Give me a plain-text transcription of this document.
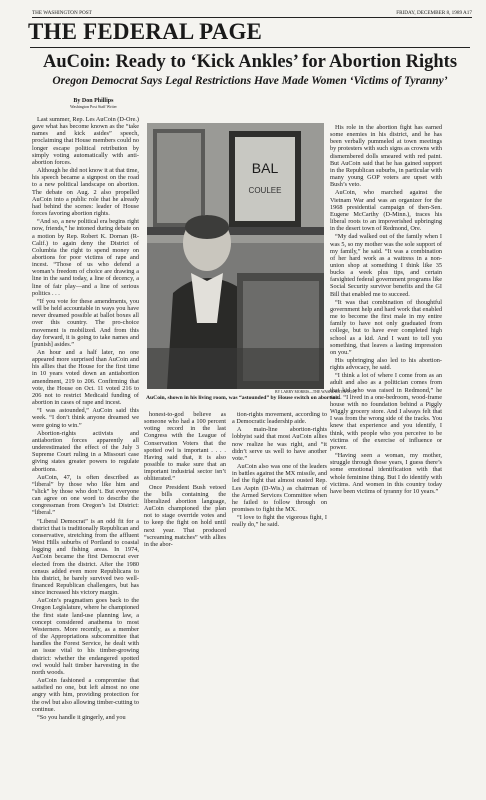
THE WASHINGTON POST	FRIDAY, DECEMBER 8, 1989 A17
THE FEDERAL PAGE
AuCoin: Ready to ‘Kick Ankles’ for Abortion Rights
Oregon Democrat Says Legal Restrictions Have Made Women ‘Victims of Tyranny’
By Don Phillips
Washington Post Staff Writer

Last summer, Rep. Les AuCoin (D-Ore.) gave what has become known as the “take names and kick asides” speech, proclaiming that House members could no longer escape political retribution by simply voting automatically with anti-abortion forces.

Although he did not know it at that time, his speech became a signpost on the road to a new political landscape on abortion. The debate on Aug. 2 also propelled AuCoin into a public role that he already had behind the scenes: leader of House forces favoring abortion rights.

“And so, a new political era begins right now, friends,” he intoned during debate on a motion by Rep. Robert K. Dornan (R-Calif.) to again deny the District of Columbia the right to spend money on abortions for poor victims of rape and incest. “Those of us who defend a woman’s freedom of choice are drawing a line in the sand today, a line of decency, a line of fair play—and a line of serious politics . . .

“If you vote for these amendments, you will be held accountable in ways you have never dreamed possible at ballot boxes all over this country. The pro-choice movement is mobilized. And from this day forward, it is going to take names and [punish] asides.”

An hour and a half later, no one appeared more surprised than AuCoin and his allies that the House for the first time in 10 years voted down an antiabortion amendment, 219 to 206. Confirming that vote, the House on Oct. 11 voted 216 to 206 not to restrict Medicaid funding of abortion in cases of rape and incest.

“I was astounded,” AuCoin said this week. “I don’t think anyone dreamed we were going to win.”

Abortion-rights activists and antiabortion forces apparently all underestimated the effect of the July 3 Supreme Court ruling in a Missouri case giving states greater powers to regulate abortions.

AuCoin, 47, is often described as “liberal” by those who like him and “slick” by those who don’t. But everyone can agree on one word to describe the congressman from Oregon’s 1st District: “liberal.”

“Liberal Democrat” is an odd fit for a district that is traditionally Republican and conservative, stretching from the affluent West Hills suburbs of Portland to coastal logging and fishing areas. In 1974, AuCoin became the first Democrat ever elected from the district. After the 1980 census added even more Republicans to his district, he barely survived two well-financed Republican challengers, but has since increased his victory margin.

AuCoin’s pragmatism goes back to the Oregon Legislature, where he championed the first state land-use planning law, a concept considered anathema to most Westerners. More recently, as a member of the Appropriations subcommittee that handles the Forest Service, he dealt with an issue vital to his timber-growing district: whether the endangered spotted owl would halt timber harvesting in the north woods.

AuCoin fashioned a compromise that satisfied no one, but left almost no one angry with him, providing protection for the owl but also allowing timber-cutting to continue.

“So you handle it gingerly, and you

BAL
COULEE
BY LARRY MORRIS—THE WASHINGTON POST
AuCoin, shown in his living room, was “astounded” by House switch on abortion.

honest-to-god believe as someone who had a 100 percent voting record in the last Congress with the League of Conservation Voters that the spotted owl is important . . . . Having said that, it is also possible to make sure that an important industrial sector isn’t obliterated.”

Once President Bush vetoed the bills containing the liberalized abortion language, AuCoin championed the plan not to stage override votes and to keep the fight on hold until next year. That produced “screaming matches” with allies in the abor-

tion-rights movement, according to a Democratic leadership aide.

A main-line abortion-rights lobbyist said that most AuCoin allies now realize he was right, and “it didn’t serve us well to have another vote.”

AuCoin also was one of the leaders in battles against the MX missile, and led the fight that almost ousted Rep. Les Aspin (D-Wis.) as chairman of the Armed Services Committee when he failed to follow through on promises to fight the MX.

“I love to fight the vigorous fight, I really do,” he said.

His role in the abortion fight has earned some enemies in his district, and he has been verbally pummeled at town meetings by protesters with such signs as crowns with dismembered dolls smeared with red paint. But AuCoin said that he has gained support in the Republican suburbs, in particular with many young GOP voters are upset with Bush’s veto.

AuCoin, who marched against the Vietnam War and was an organizer for the 1968 presidential campaign of then-Sen. Eugene McCarthy (D-Minn.), traces his liberal roots to an impoverished upbringing in the desert town of Redmond, Ore.

“My dad walked out of the family when I was 5, so my mother was the sole support of my family,” he said. “It was a combination of her hard work as a waitress in a non-union shop at something I think like 35 bucks a week plus tips, and certain farsighted federal government programs like Social Security survivor benefits and the GI Bill that enabled me to succeed.

“It was that combination of thoughtful government help and hard work that enabled me to become the first male in my entire family to have not only graduated from college, but to have ever completed high school as a kid. And I want to tell you something, that leaves a lasting impression on you.”

His upbringing also led to his abortion-rights advocacy, he said.

“I think a lot of where I come from as an adult and also as a politician comes from that kid who was raised in Redmond,” he said. “I lived in a one-bedroom, wood-frame house with no foundation behind a Piggly Wiggly grocery store. And I always felt that I was from the wrong side of the tracks. You knew that experience and you identify, I think, with people who you perceive to be victims of the exercise of influence or power.

“Having seen a woman, my mother, struggle through those years, I guess there’s some emotional identification with that whole feminine thing. But I do identify with victims. And women in this country today have been victims of tyranny for 10 years.”
